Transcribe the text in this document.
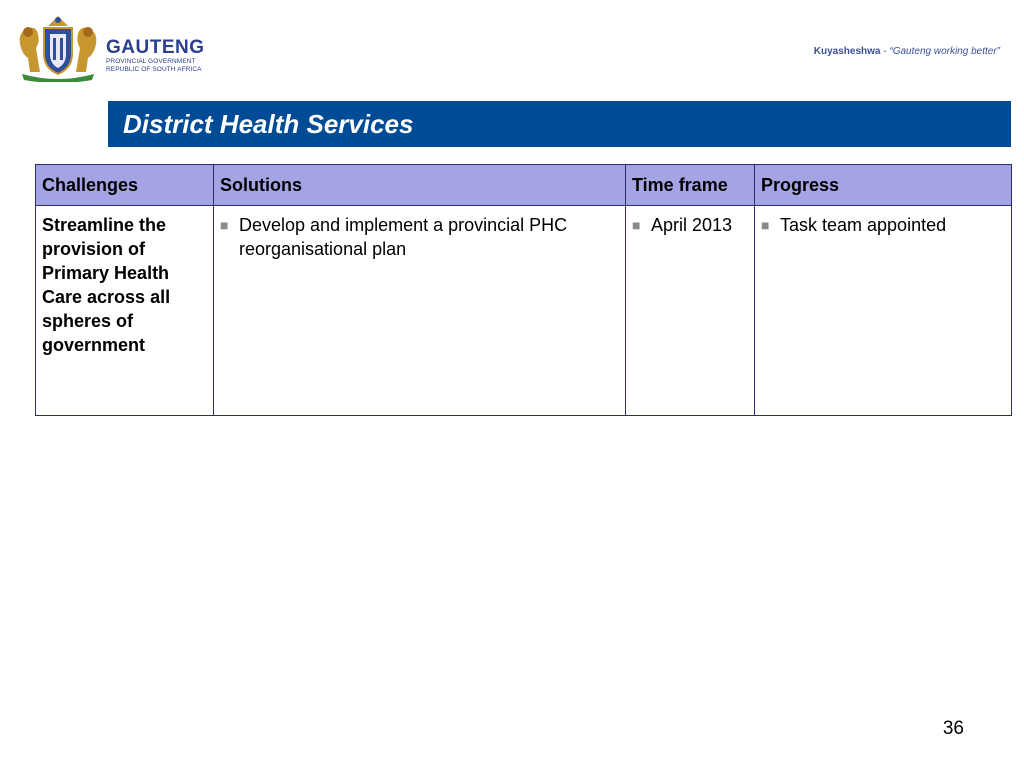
GAUTENG
PROVINCIAL GOVERNMENT
REPUBLIC OF SOUTH AFRICA
Kuyasheshwa - “Gauteng working better”
District Health Services
Challenges	Solutions	Time frame	Progress
Streamline the provision of Primary Health Care across all spheres of government	■ Develop and implement a provincial PHC reorganisational plan	■ April 2013	■ Task team appointed
36
